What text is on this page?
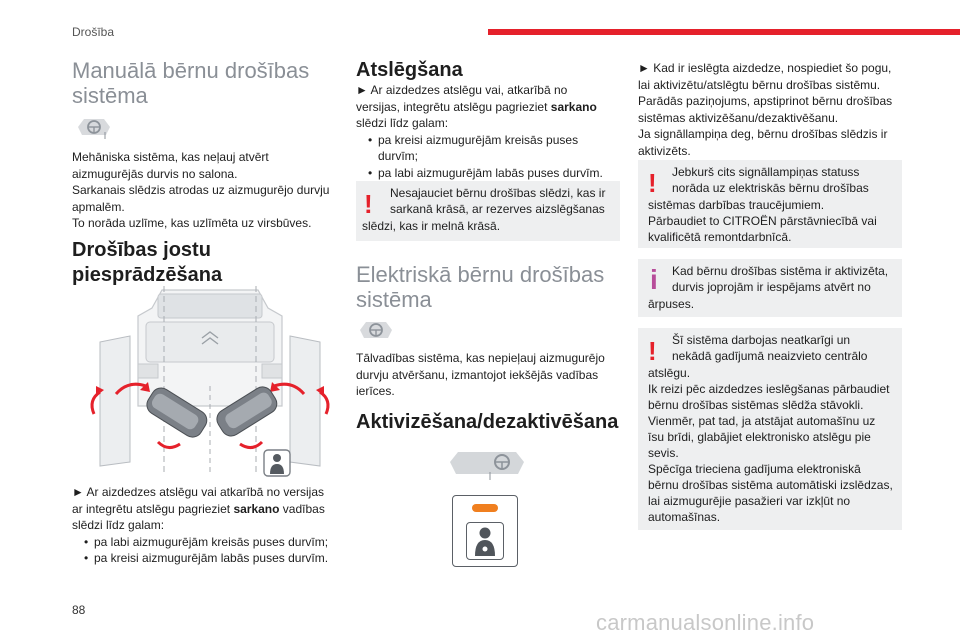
Drošība
88	carmanualsonline.info
Manuālā bērnu drošības sistēma

Mehāniska sistēma, kas neļauj atvērt

aizmugurējās durvis no salona.

Sarkanais slēdzis atrodas uz aizmugurējo durvju

apmalēm.

To norāda uzlīme, kas uzlīmēta uz virsbūves.

Drošības jostu piesprādzēšana

► Ar aizdedzes atslēgu vai atkarībā no versijas

ar integrētu atslēgu pagrieziet sarkano vadības

slēdzi līdz galam:

• pa labi aizmugurējām kreisās puses durvīm;

• pa kreisi aizmugurējām labās puses durvīm.

Atslēgšana

► Ar aizdedzes atslēgu vai, atkarībā no

versijas, integrētu atslēgu pagrieziet sarkano

slēdzi līdz galam:

• pa kreisi aizmugurējām kreisās puses

durvīm;

• pa labi aizmugurējām labās puses durvīm.

! Nesajauciet bērnu drošības slēdzi, kas ir
sarkanā krāsā, ar rezerves aizslēgšanas
slēdzi, kas ir melnā krāsā.
Elektriskā bērnu drošības sistēma

Tālvadības sistēma, kas nepieļauj aizmugurējo

durvju atvēršanu, izmantojot iekšējās vadības

ierīces.

Aktivizēšana/dezaktivēšana

► Kad ir ieslēgta aizdedze, nospiediet šo pogu,

lai aktivizētu/atslēgtu bērnu drošības sistēmu.

Parādās paziņojums, apstiprinot bērnu drošības

sistēmas aktivizēšanu/dezaktivēšanu.

Ja signāllampiņa deg, bērnu drošības slēdzis ir

aktivizēts.

! Jebkurš cits signāllampiņas statuss
norāda uz elektriskās bērnu drošības
sistēmas darbības traucējumiem.
Pārbaudiet to CITROËN pārstāvniecībā vai
kvalificētā remontdarbnīcā.
i Kad bērnu drošības sistēma ir aktivizēta,
durvis joprojām ir iespējams atvērt no
ārpuses.
! Šī sistēma darbojas neatkarīgi un
nekādā gadījumā neaizvieto centrālo
atslēgu.
Ik reizi pēc aizdedzes ieslēgšanas pārbaudiet
bērnu drošības sistēmas slēdža stāvokli.
Vienmēr, pat tad, ja atstājat automašīnu uz
īsu brīdi, glabājiet elektronisko atslēgu pie
sevis.
Spēcīga trieciena gadījuma elektroniskā
bērnu drošības sistēma automātiski izslēdzas,
lai aizmugurējie pasažieri var izkļūt no
automašīnas.
